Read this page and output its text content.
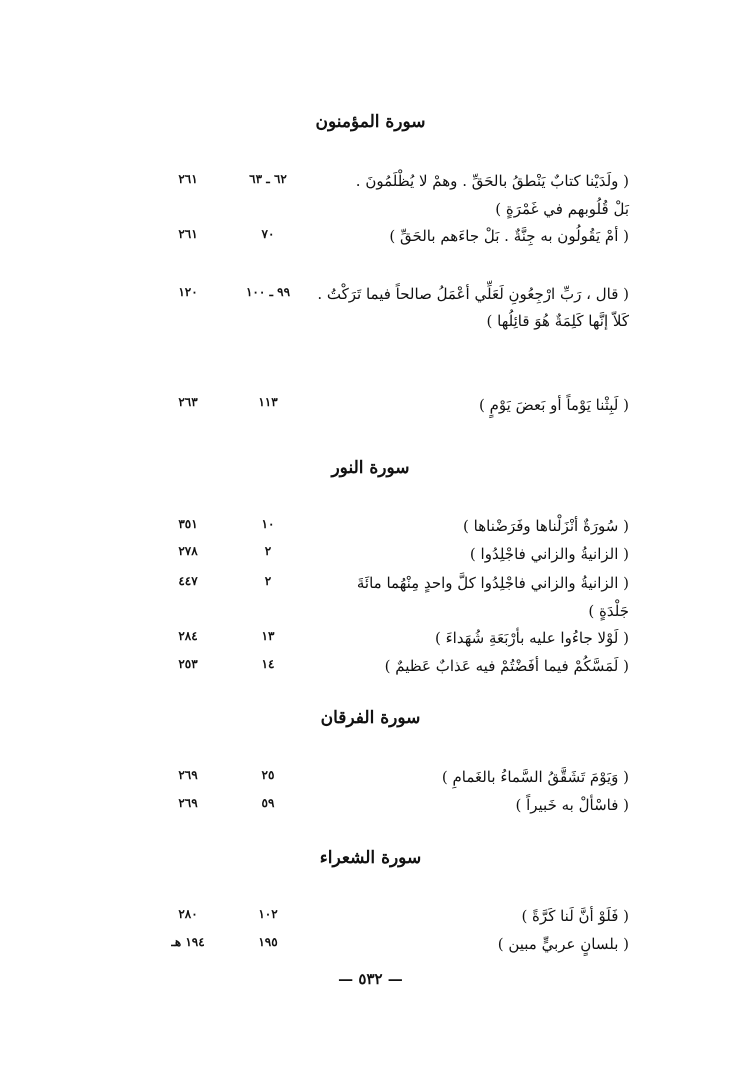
سورة المؤمنون
( ولَدَيْنا كتابٌ يَنْطقُ بالحَقِّ . وهمْ لا يُظْلَمُونَ .
٦٢ ـ ٦٣
٢٦١
بَلْ قُلُوبهم في غَمْرَةٍ )
( أمْ يَقُولُون به جِنَّةٌ . بَلْ جاءَهم بالحَقِّ )
٧٠
٢٦١
( قال ، رَبِّ ارْجِعُونِ لَعَلِّي أعْمَلُ صالحاً فيما تَرَكْتُ .
٩٩ ـ ١٠٠
١٢٠
كَلاّ إنَّها كَلِمَةٌ هُوَ قائِلُها )
( لَبِثْنا يَوْماً أو بَعضَ يَوْمٍ )
١١٣
٢٦٣
سورة النور
( سُورَةٌ أنْزَلْناها وفَرَضْناها )
١٠
٣٥١
( الزانيةُ والزاني فاجْلِدُوا )
٢
٢٧٨
( الزانيةُ والزاني فاجْلِدُوا كلَّ واحدٍ مِنْهُما مائَةَ
٢
٤٤٧
جَلْدَةٍ )
( لَوْلا جاءُوا عليه بأرْبَعَةِ شُهَداءَ )
١٣
٢٨٤
( لَمَسَّكُمْ فيما أفَضْتُمْ فيه عَذابٌ عَظيمٌ )
١٤
٢٥٣
سورة الفرقان
( وَيَوْمَ تَشَقَّقُ السَّماءُ بالغَمامِ )
٢٥
٢٦٩
( فاسْألْ به خَبيراً )
٥٩
٢٦٩
سورة الشعراء
( فَلَوْ أنَّ لَنا كَرَّةً )
١٠٢
٢٨٠
( بلسانٍ عربيٍّ مبين )
١٩٥
١٩٤ هـ
— ٥٣٢ —
